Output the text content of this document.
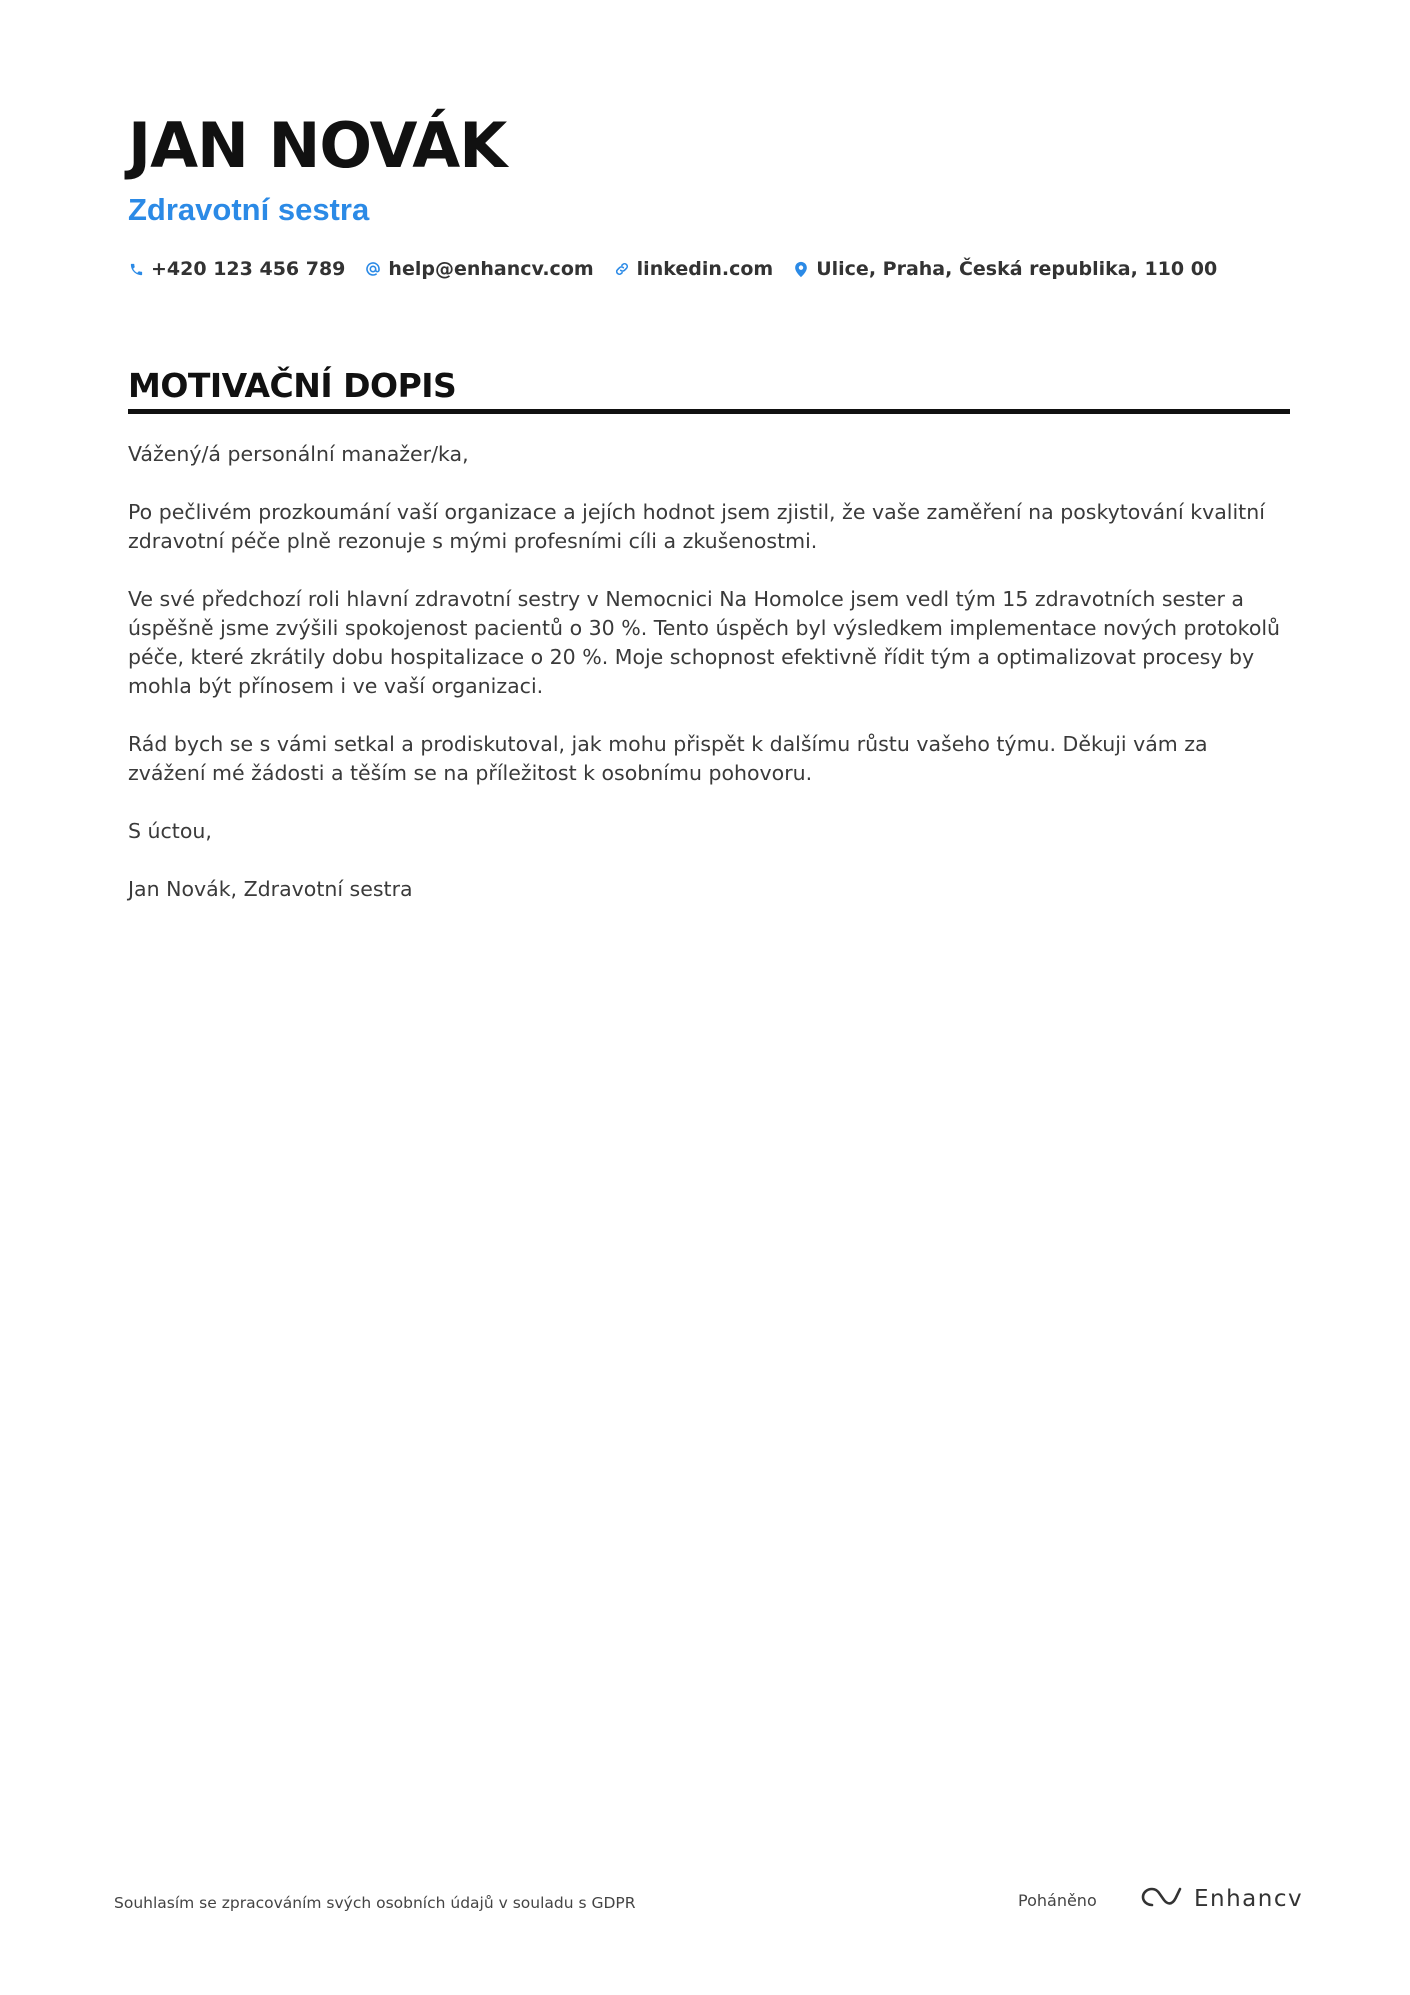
JAN NOVÁK
Zdravotní sestra
+420 123 456 789 help@enhancv.com linkedin.com Ulice, Praha, Česká republika, 110 00
MOTIVAČNÍ DOPIS

Vážený/á personální manažer/ka,

Po pečlivém prozkoumání vaší organizace a jejích hodnot jsem zjistil, že vaše zaměření na poskytování kvalitní zdravotní péče plně rezonuje s mými profesními cíli a zkušenostmi.

Ve své předchozí roli hlavní zdravotní sestry v Nemocnici Na Homolce jsem vedl tým 15 zdravotních sester a úspěšně jsme zvýšili spokojenost pacientů o 30 %. Tento úspěch byl výsledkem implementace nových protokolů péče, které zkrátily dobu hospitalizace o 20 %. Moje schopnost efektivně řídit tým a optimalizovat procesy by mohla být přínosem i ve vaší organizaci.

Rád bych se s vámi setkal a prodiskutoval, jak mohu přispět k dalšímu růstu vašeho týmu. Děkuji vám za zvážení mé žádosti a těším se na příležitost k osobnímu pohovoru.

S úctou,

Jan Novák, Zdravotní sestra

Souhlasím se zpracováním svých osobních údajů v souladu s GDPR	Poháněno	Enhancv
